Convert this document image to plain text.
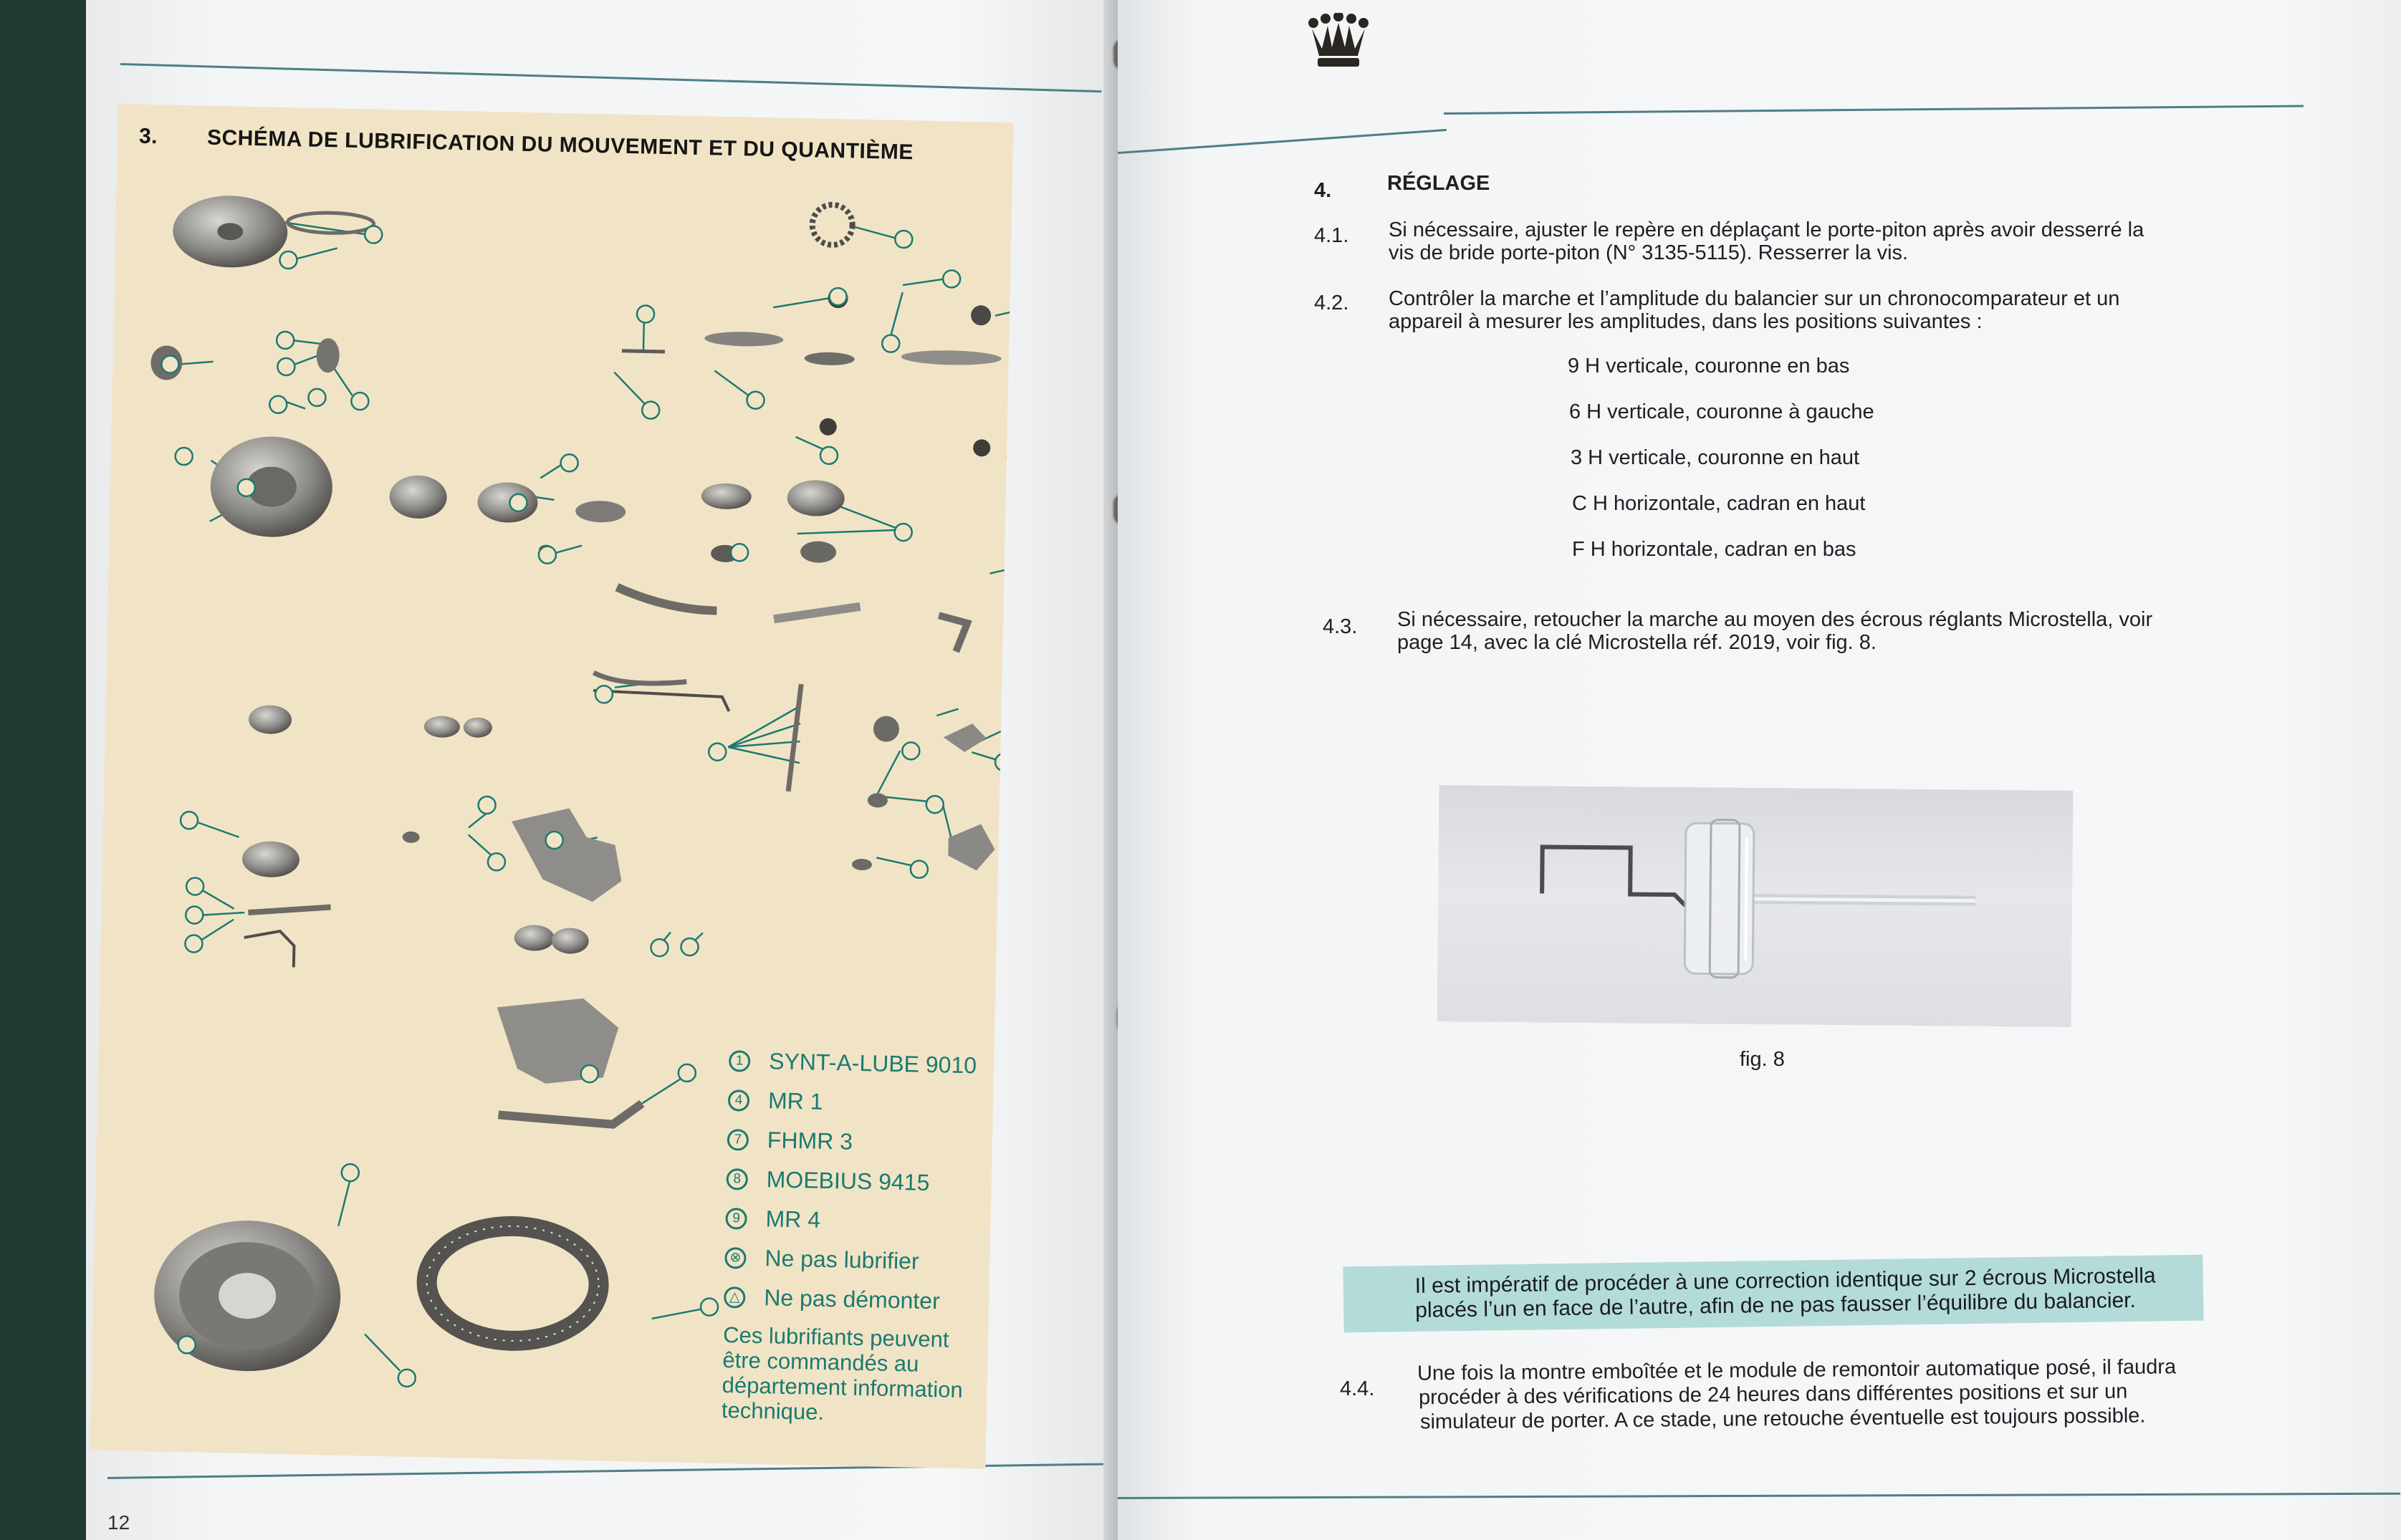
3. SCHÉMA DE LUBRIFICATION DU MOUVEMENT ET DU QUANTIÈME
1	SYNT-A-LUBE 9010
4	MR 1
7	FHMR 3
8	MOEBIUS 9415
9	MR 4
⊗ Ne pas lubrifier
△ Ne pas démonter
Ces lubrifiants peuvent être commandés au département information technique.
12
4.	RÉGLAGE
4.1. Si nécessaire, ajuster le repère en déplaçant le porte-piton après avoir desserré la
vis de bride porte-piton (N° 3135-5115). Resserrer la vis.
4.2. Contrôler la marche et l’amplitude du balancier sur un chronocomparateur et un
appareil à mesurer les amplitudes, dans les positions suivantes :
9 H verticale, couronne en bas
6 H verticale, couronne à gauche
3 H verticale, couronne en haut
C H horizontale, cadran en haut
F H horizontale, cadran en bas
4.3. Si nécessaire, retoucher la marche au moyen des écrous réglants Microstella, voir
page 14, avec la clé Microstella réf. 2019, voir fig. 8.
fig. 8
Il est impératif de procéder à une correction identique sur 2 écrous Microstella
placés l’un en face de l’autre, afin de ne pas fausser l’équilibre du balancier.
4.4.
Une fois la montre emboîtée et le module de remontoir automatique posé, il faudra
procéder à des vérifications de 24 heures dans différentes positions et sur un
simulateur de porter. A ce stade, une retouche éventuelle est toujours possible.
